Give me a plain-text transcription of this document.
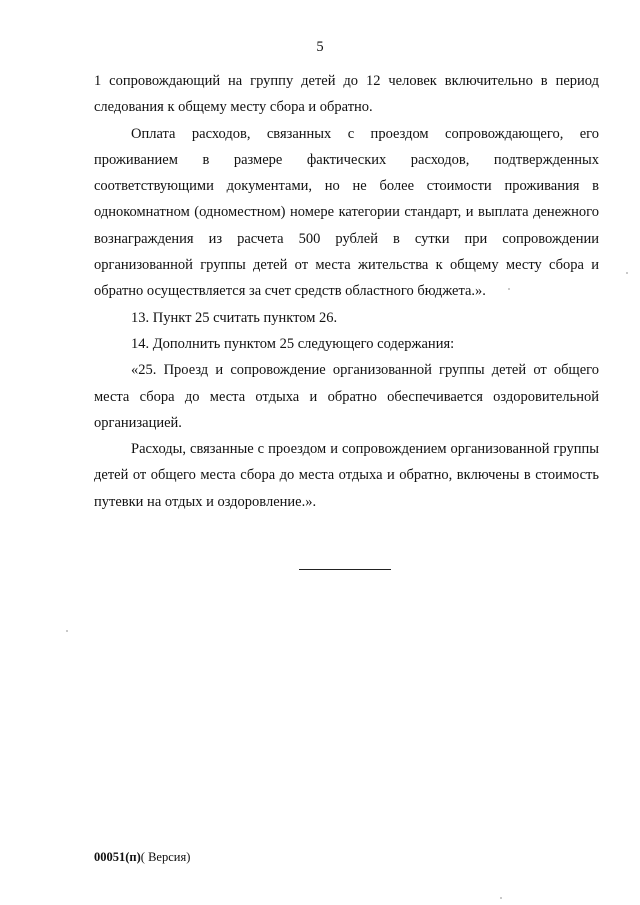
5

1 сопровождающий на группу детей до 12 человек включительно в период следования к общему месту сбора и обратно.

Оплата расходов, связанных с проездом сопровождающего, его проживанием в размере фактических расходов, подтвержденных соответствующими документами, но не более стоимости проживания в однокомнатном (одноместном) номере категории стандарт, и выплата денежного вознаграждения из расчета 500 рублей в сутки при сопровождении организованной группы детей от места жительства к общему месту сбора и обратно осуществляется за счет средств областного бюджета.».

13. Пункт 25 считать пунктом 26.

14. Дополнить пунктом 25 следующего содержания:

«25. Проезд и сопровождение организованной группы детей от общего места сбора до места отдыха и обратно обеспечивается оздоровительной организацией.

Расходы, связанные с проездом и сопровождением организованной группы детей от общего места сбора до места отдыха и обратно, включены в стоимость путевки на отдых и оздоровление.».

00051(п)( Версия)
